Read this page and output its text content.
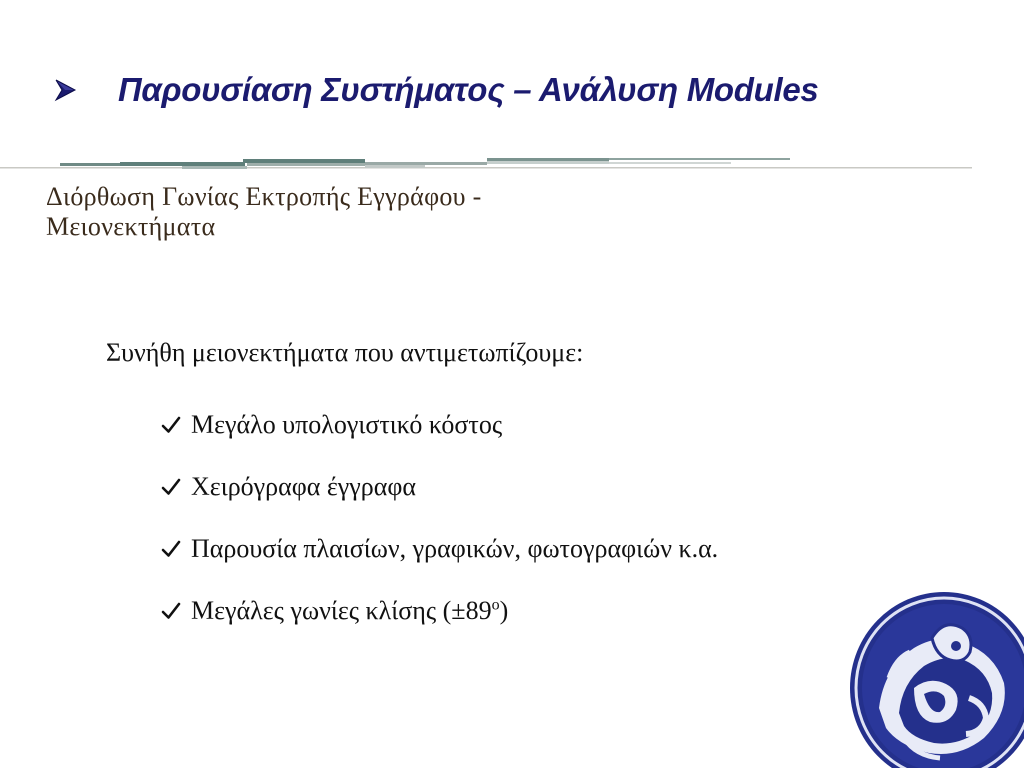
Παρουσίαση Συστήματος – Ανάλυση Modules
Διόρθωση Γωνίας Εκτροπής Εγγράφου -
Μειονεκτήματα
Συνήθη μειονεκτήματα που αντιμετωπίζουμε:
Μεγάλο υπολογιστικό κόστος
Χειρόγραφα έγγραφα
Παρουσία πλαισίων, γραφικών, φωτογραφιών κ.α.
Μεγάλες γωνίες κλίσης $(\pm 89^o)$
